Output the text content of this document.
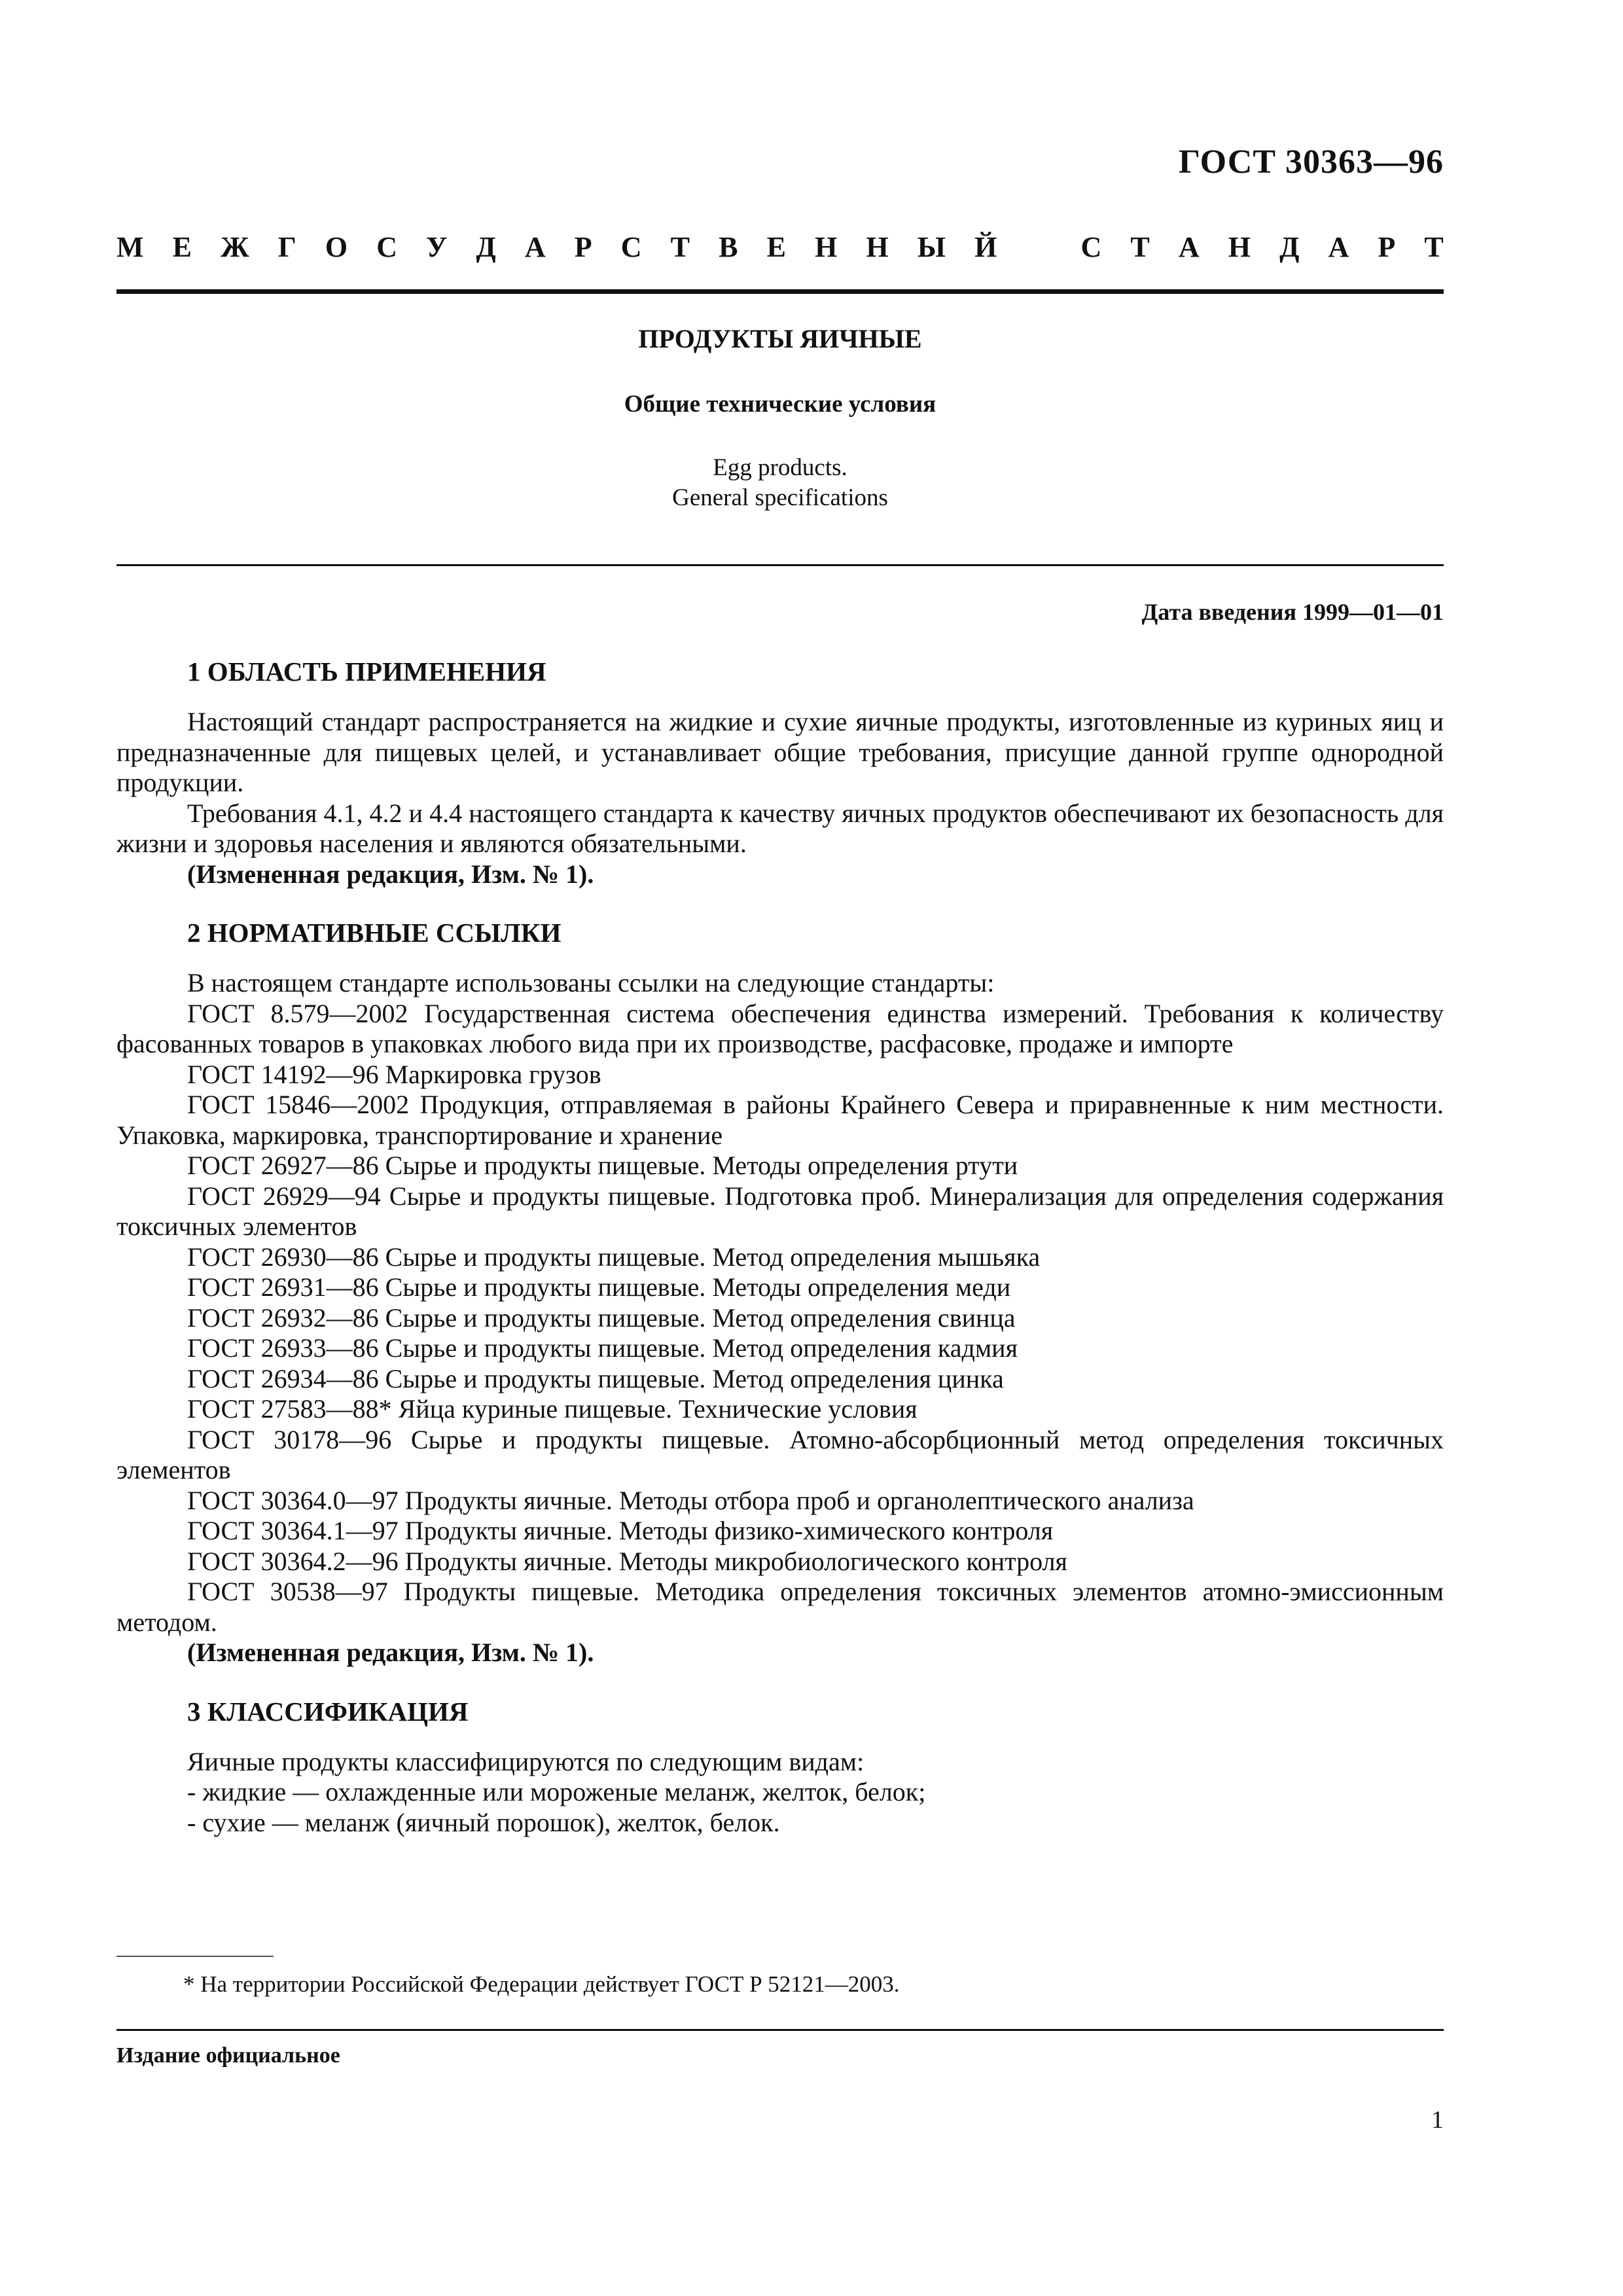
ГОСТ 30363—96
М Е Ж Г О С У Д А Р С Т В Е Н Н Ы Й	С Т А Н Д А Р Т
ПРОДУКТЫ ЯИЧНЫЕ
Общие технические условия
Egg products.
General specifications
Дата введения 1999—01—01
1 ОБЛАСТЬ ПРИМЕНЕНИЯ

Настоящий стандарт распространяется на жидкие и сухие яичные продукты, изготовленные из куриных яиц и предназначенные для пищевых целей, и устанавливает общие требования, присущие данной группе однородной продукции.

Требования 4.1, 4.2 и 4.4 настоящего стандарта к качеству яичных продуктов обеспечивают их безопасность для жизни и здоровья населения и являются обязательными.

(Измененная редакция, Изм. № 1).

2 НОРМАТИВНЫЕ ССЫЛКИ

В настоящем стандарте использованы ссылки на следующие стандарты:

ГОСТ 8.579—2002 Государственная система обеспечения единства измерений. Требования к количеству фасованных товаров в упаковках любого вида при их производстве, расфасовке, продаже и импорте

ГОСТ 14192—96 Маркировка грузов

ГОСТ 15846—2002 Продукция, отправляемая в районы Крайнего Севера и приравненные к ним местности. Упаковка, маркировка, транспортирование и хранение

ГОСТ 26927—86 Сырье и продукты пищевые. Методы определения ртути

ГОСТ 26929—94 Сырье и продукты пищевые. Подготовка проб. Минерализация для определения содержания токсичных элементов

ГОСТ 26930—86 Сырье и продукты пищевые. Метод определения мышьяка

ГОСТ 26931—86 Сырье и продукты пищевые. Методы определения меди

ГОСТ 26932—86 Сырье и продукты пищевые. Метод определения свинца

ГОСТ 26933—86 Сырье и продукты пищевые. Метод определения кадмия

ГОСТ 26934—86 Сырье и продукты пищевые. Метод определения цинка

ГОСТ 27583—88* Яйца куриные пищевые. Технические условия

ГОСТ 30178—96 Сырье и продукты пищевые. Атомно-абсорбционный метод определения токсичных элементов

ГОСТ 30364.0—97 Продукты яичные. Методы отбора проб и органолептического анализа

ГОСТ 30364.1—97 Продукты яичные. Методы физико-химического контроля

ГОСТ 30364.2—96 Продукты яичные. Методы микробиологического контроля

ГОСТ 30538—97 Продукты пищевые. Методика определения токсичных элементов атомно-эмиссионным методом.

(Измененная редакция, Изм. № 1).

3 КЛАССИФИКАЦИЯ

Яичные продукты классифицируются по следующим видам:

- жидкие — охлажденные или мороженые меланж, желток, белок;

- сухие — меланж (яичный порошок), желток, белок.

* На территории Российской Федерации действует ГОСТ Р 52121—2003.
Издание официальное
1
